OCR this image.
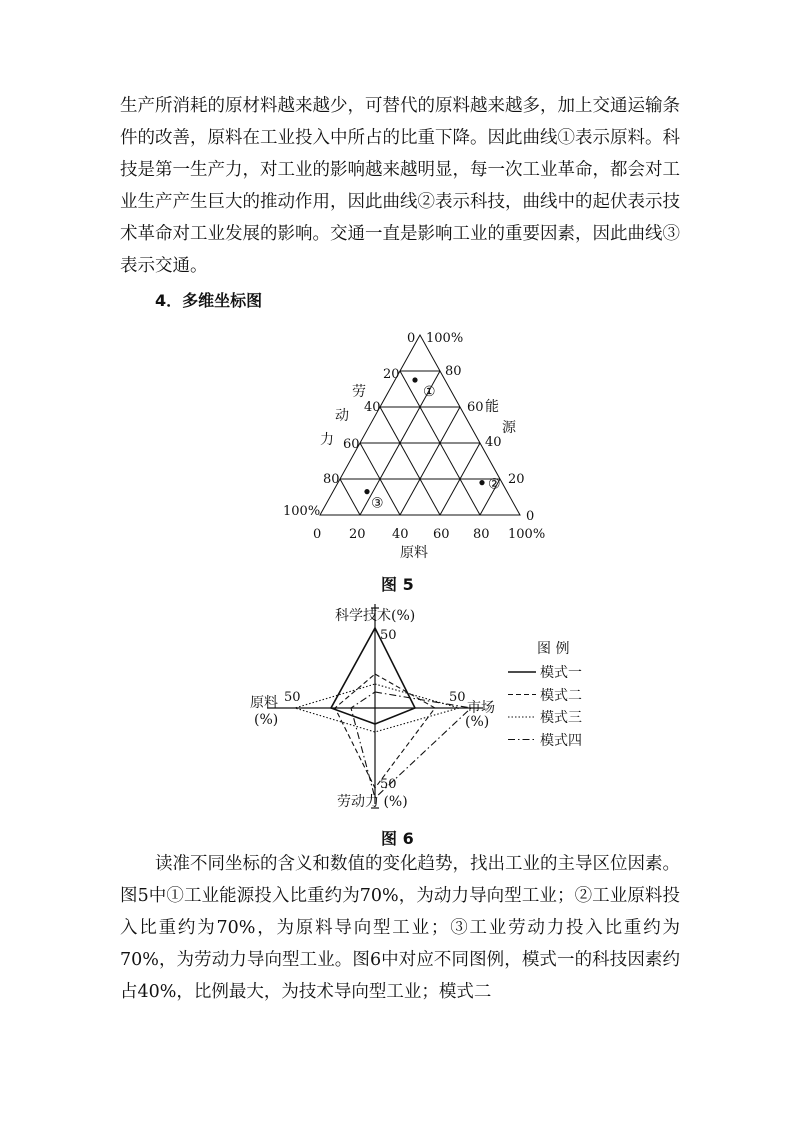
生产所消耗的原材料越来越少，可替代的原料越来越多，加上交通运输条件的改善，原料在工业投入中所占的比重下降。因此曲线①表示原料。科技是第一生产力，对工业的影响越来越明显，每一次工业革命，都会对工业生产产生巨大的推动作用，因此曲线②表示科技，曲线中的起伏表示技术革命对工业发展的影响。交通一直是影响工业的重要因素，因此曲线③表示交通。

4．多维坐标图
①
②
③
0 100%
20
40
60
80
100%
劳
动
力
80
60
40
20
0
能
源
0 20 40 60 80 100%
原料
图 5
科学技术(%)
50
原料
(%)
50	50
市场
(%)
50
劳动力 (%)
图 例
模式一
模式二
模式三
模式四
图 6

读准不同坐标的含义和数值的变化趋势，找出工业的主导区位因素。图5中①工业能源投入比重约为70%，为动力导向型工业；②工业原料投入比重约为70%，为原料导向型工业；③工业劳动力投入比重约为70%，为劳动力导向型工业。图6中对应不同图例，模式一的科技因素约占40%，比例最大，为技术导向型工业；模式二
